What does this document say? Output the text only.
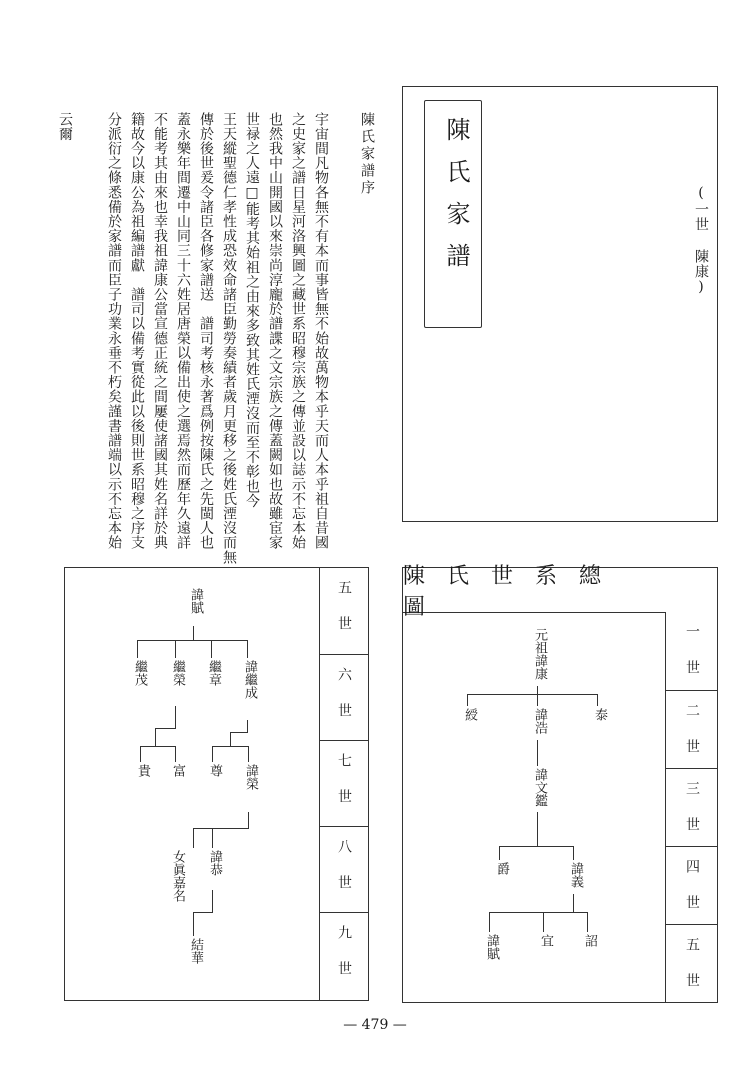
(一世 陳康)
陳氏家譜
陳氏家譜序
宇宙間凡物各無不有本而事皆無不始故萬物本乎天而人本乎祖自昔國
之史家之譜日星河洛興圖之藏世系昭穆宗族之傳並設以誌示不忘本始
也然我中山開國以來崇尚淳龐於譜諜之文宗族之傳蓋闕如也故雖宦家
世禄之人遠□能考其始祖之由來多致其姓氏湮沒而至不彰也今
王天縱聖德仁孝性成恐效命諸臣勤勞奏績者歲月更移之後姓氏湮沒而無
傳於後世爰令諸臣各修家譜送　譜司考核永著爲例按陳氏之先閩人也
蓋永樂年間遷中山同三十六姓居唐榮以備出使之選焉然而歷年久遠詳
不能考其由來也幸我祖諱康公當宣德正統之間屢使諸國其姓名詳於典
籍故今以康公為祖編譜獻　譜司以備考實從此以後則世系昭穆之序支
分派衍之條悉備於家譜而臣子功業永垂不朽矣謹書譜端以示不忘本始
云爾
陳氏世系總圖
一世
二世
三世
四世
五世
元祖諱康
綬	諱浩	泰
諱文鑑
爵	諱義
諱賦	宜 詔
五世
六世
七世
八世
九世
諱賦
繼茂 繼榮 繼章 諱繼成
貴 富 尊 諱榮
女眞嘉名 諱恭
結華
— 479 —
